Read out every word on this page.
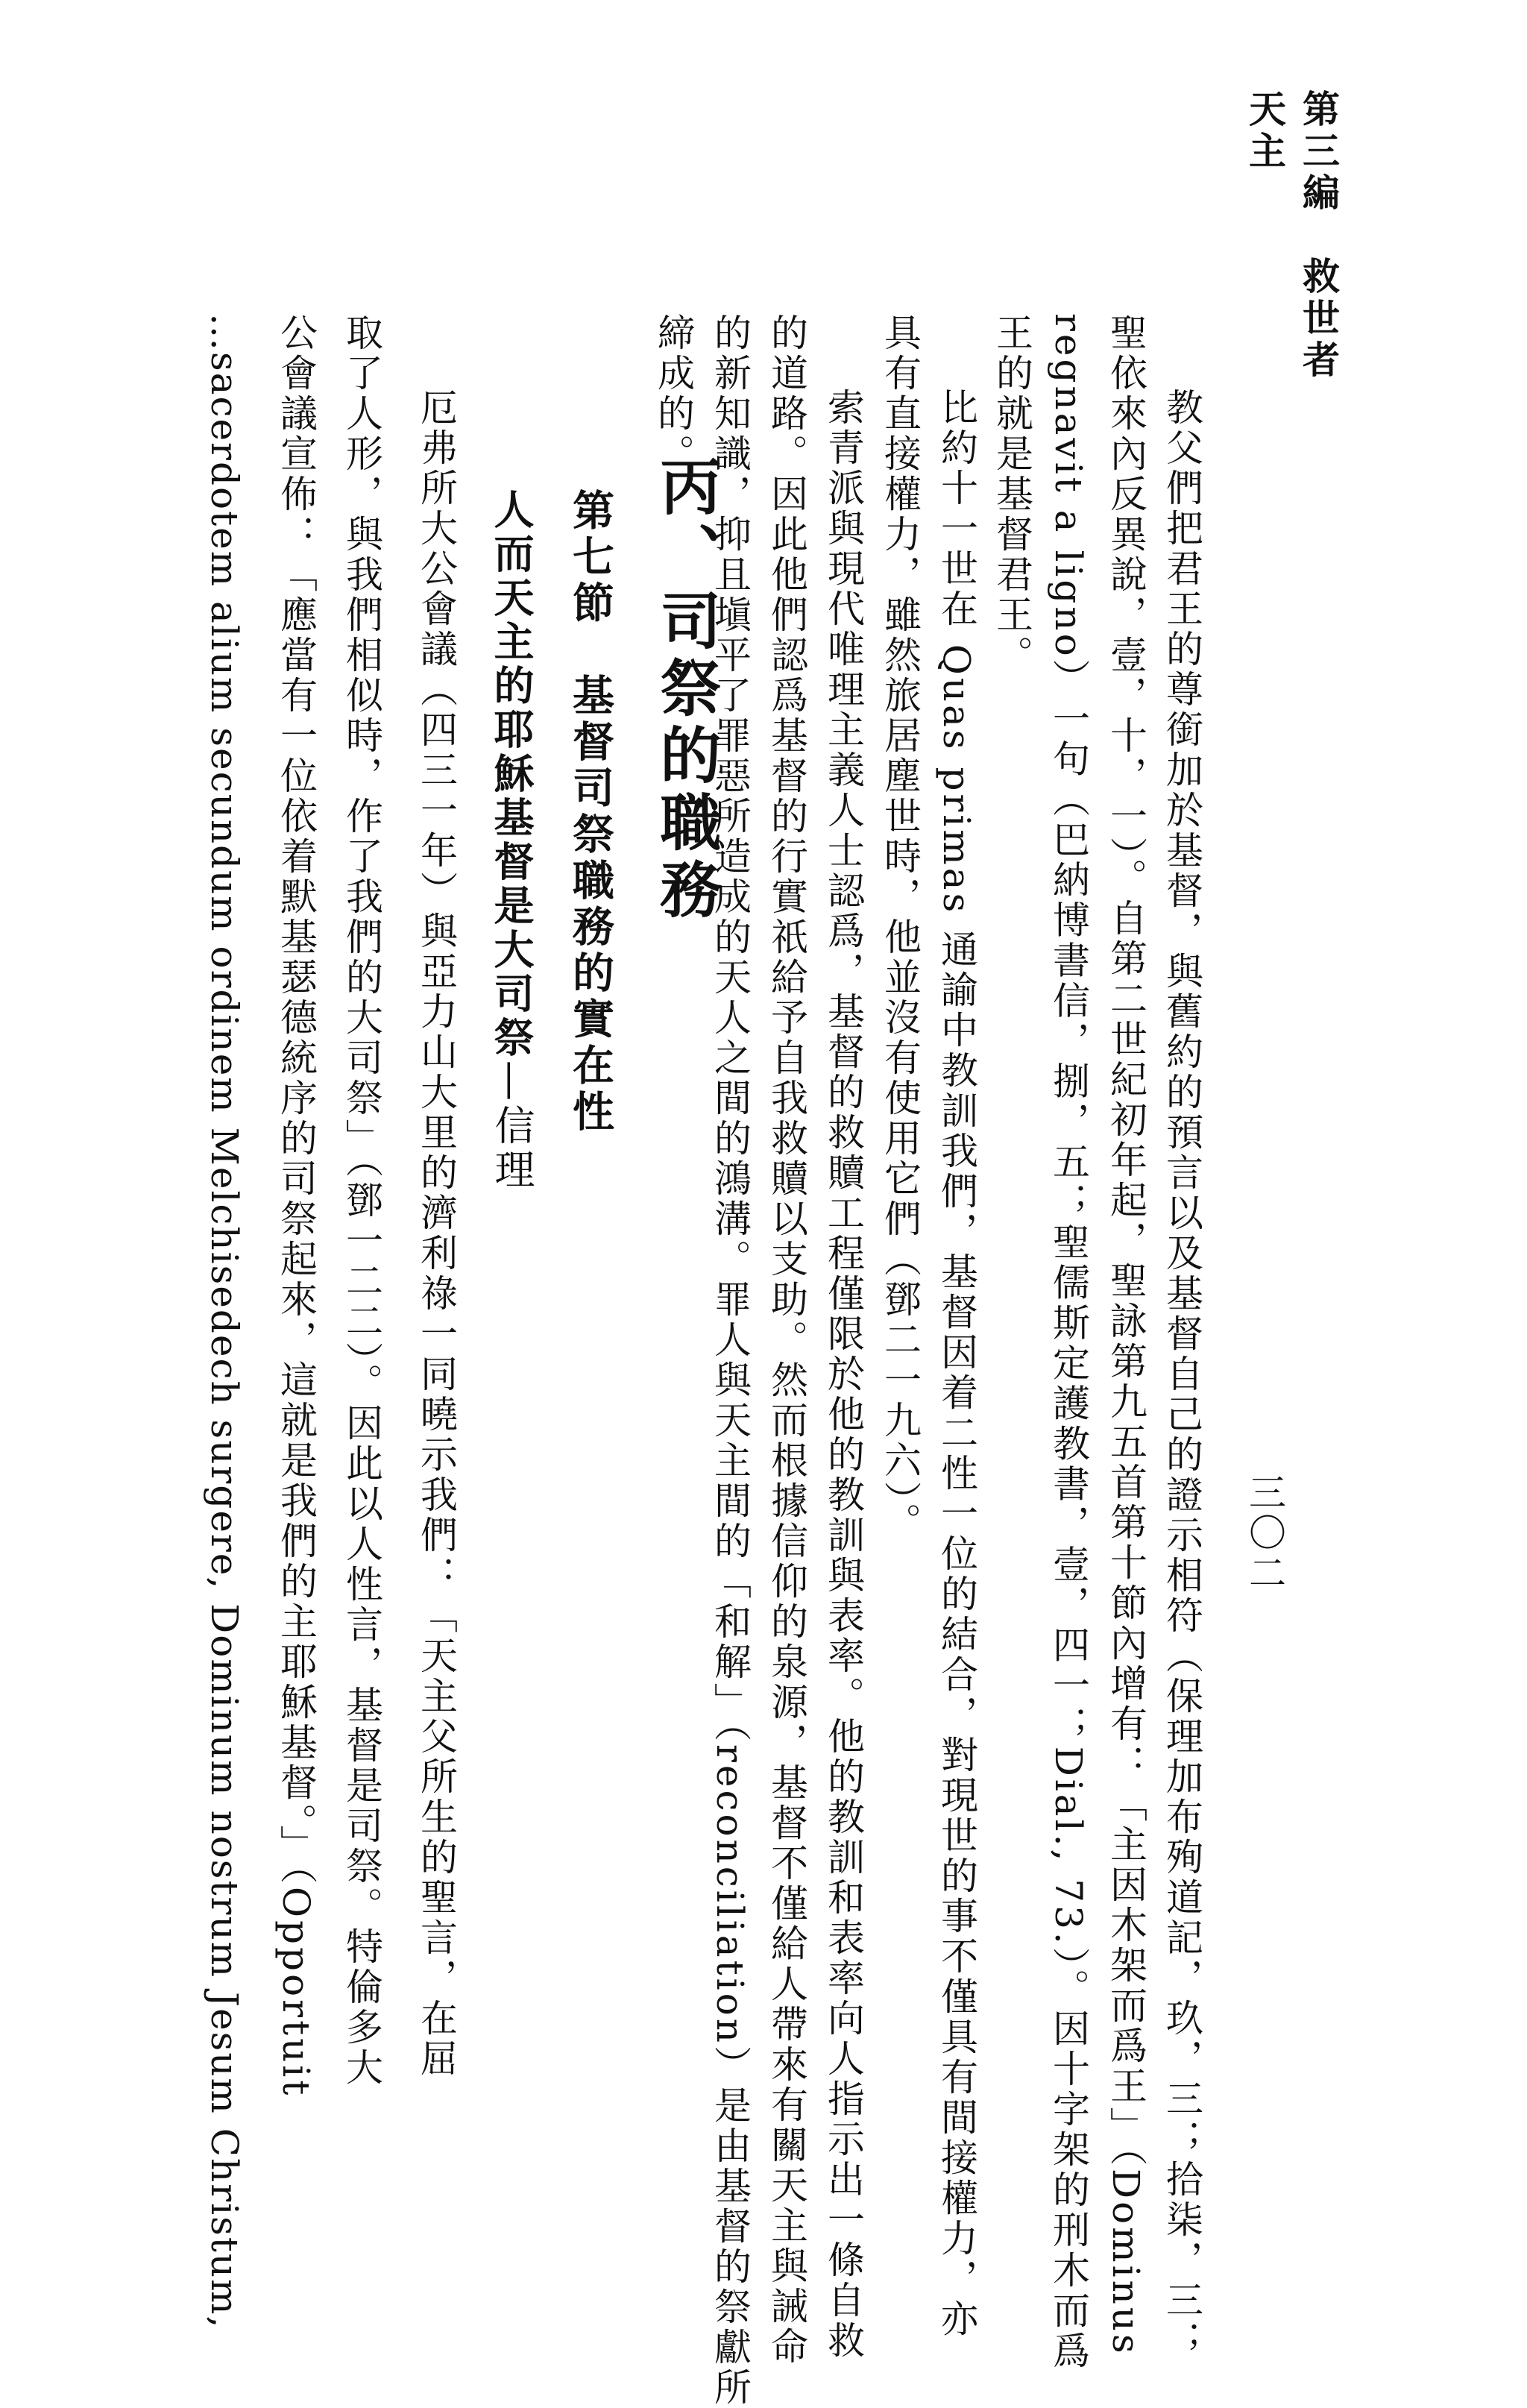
第三編　救世者天主
三〇二
教父們把君王的尊銜加於基督，與舊約的預言以及基督自己的證示相符（保理加布殉道記，玖，三；拾柒，三；
聖依來內反異說，壹，十，一）。自第二世紀初年起，聖詠第九五首第十節內增有：「主因木架而爲王」（Dominus
regnavit a ligno）一句（巴納博書信，捌，五；聖儒斯定護教書，壹，四一；Dial., 73.）。因十字架的刑木而爲
王的就是基督君王。
比約十一世在 Quas primas 通諭中教訓我們，基督因着二性一位的結合，對現世的事不僅具有間接權力，亦
具有直接權力，雖然旅居塵世時，他並沒有使用它們（鄧二一九六）。
索青派與現代唯理主義人士認爲，基督的救贖工程僅限於他的教訓與表率。他的教訓和表率向人指示出一條自救
的道路。因此他們認爲基督的行實祇給予自我救贖以支助。然而根據信仰的泉源，基督不僅給人帶來有關天主與誡命
的新知識，抑且塡平了罪惡所造成的天人之間的鴻溝。罪人與天主間的「和解」（reconciliation）是由基督的祭獻所
締成的。
丙、司祭的職務
第七節　基督司祭職務的實在性
人而天主的耶穌基督是大司祭—信理
厄弗所大公會議（四三一年）與亞力山大里的濟利祿一同曉示我們：「天主父所生的聖言，在屈
取了人形，與我們相似時，作了我們的大司祭」（鄧一二二）。因此以人性言，基督是司祭。特倫多大
公會議宣佈：「應當有一位依着默基瑟德統序的司祭起來，這就是我們的主耶穌基督。」（Opportuit
…sacerdotem alium secundum ordinem Melchisedech surgere, Dominum nostrum Jesum Christum,
